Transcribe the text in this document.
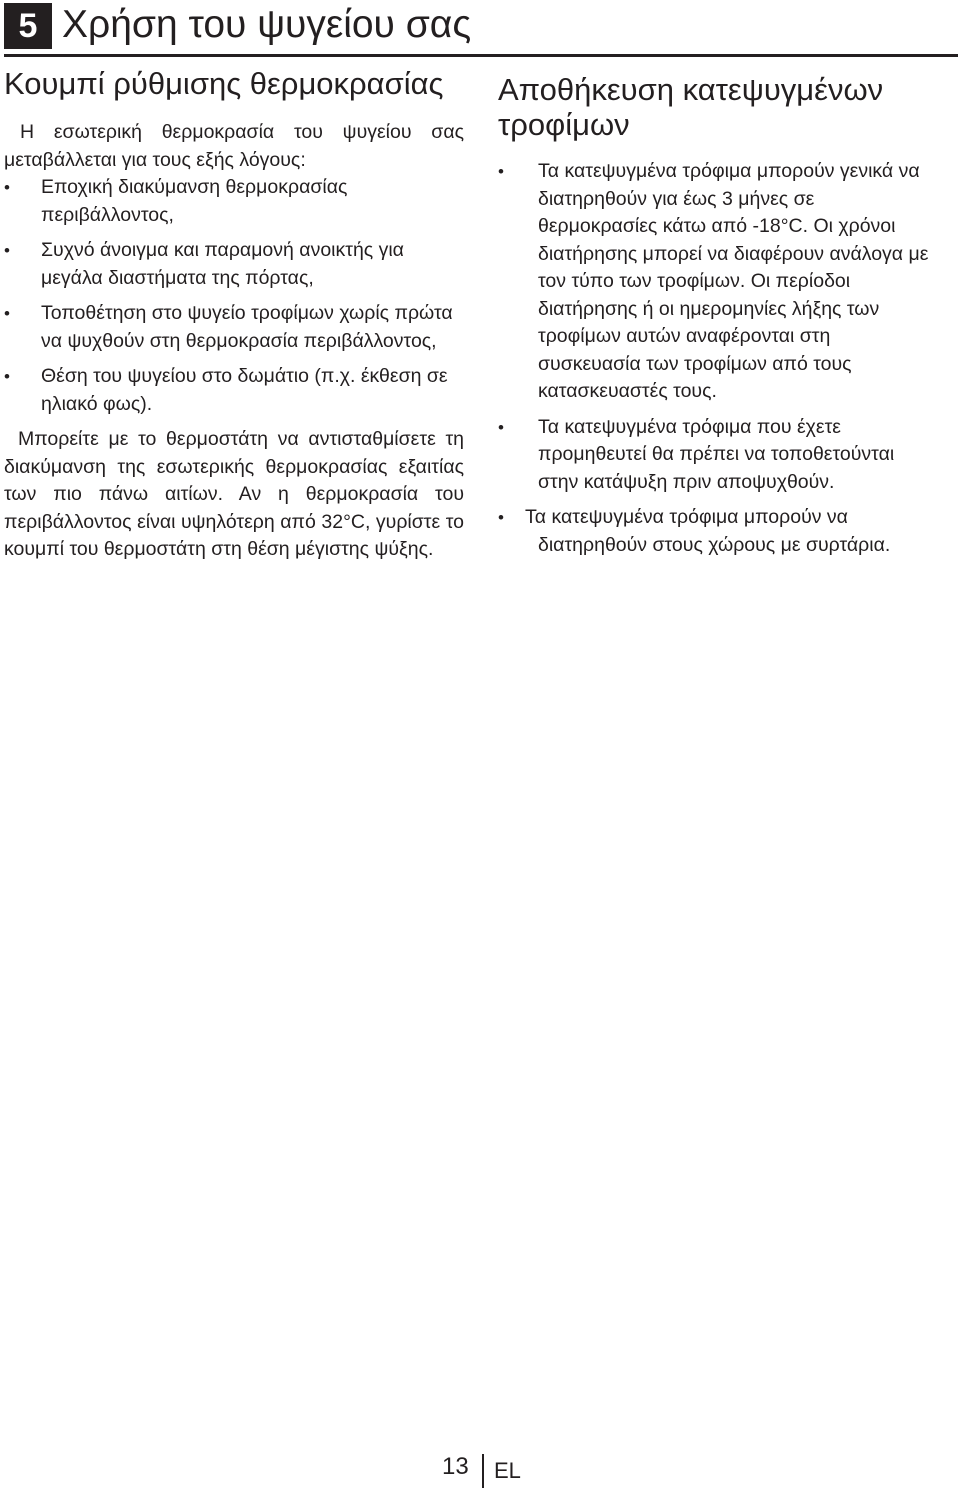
5 Χρήση του ψυγείου σας
Κουμπί ρύθμισης θερμοκρασίας

Η εσωτερική θερμοκρασία του ψυγείου σας μεταβάλλεται για τους εξής λόγους:

• Εποχική διακύμανση θερμοκρασίας περιβάλλοντος,
• Συχνό άνοιγμα και παραμονή ανοικτής για μεγάλα διαστήματα της πόρτας,
• Τοποθέτηση στο ψυγείο τροφίμων χωρίς πρώτα να ψυχθούν στη θερμοκρασία περιβάλλοντος,
• Θέση του ψυγείου στο δωμάτιο (π.χ. έκθεση σε ηλιακό φως).

Μπορείτε με το θερμοστάτη να αντισταθμίσετε τη διακύμανση της εσωτερικής θερμοκρασίας εξαιτίας των πιο πάνω αιτίων. Αν η θερμοκρασία του περιβάλλοντος είναι υψηλότερη από 32°C, γυρίστε το κουμπί του θερμοστάτη στη θέση μέγιστης ψύξης.

Αποθήκευση κατεψυγμένων τροφίμων
• Τα κατεψυγμένα τρόφιμα μπορούν γενικά να διατηρηθούν για έως 3 μήνες σε θερμοκρασίες κάτω από -18°C. Οι χρόνοι διατήρησης μπορεί να διαφέρουν ανάλογα με τον τύπο των τροφίμων. Οι περίοδοι διατήρησης ή οι ημερομηνίες λήξης των τροφίμων αυτών αναφέρονται στη συσκευασία των τροφίμων από τους κατασκευαστές τους.
• Τα κατεψυγμένα τρόφιμα που έχετε προμηθευτεί θα πρέπει να τοποθετούνται στην κατάψυξη πριν αποψυχθούν.
• Τα κατεψυγμένα τρόφιμα μπορούν να
διατηρηθούν στους χώρους με συρτάρια.
13 EL
